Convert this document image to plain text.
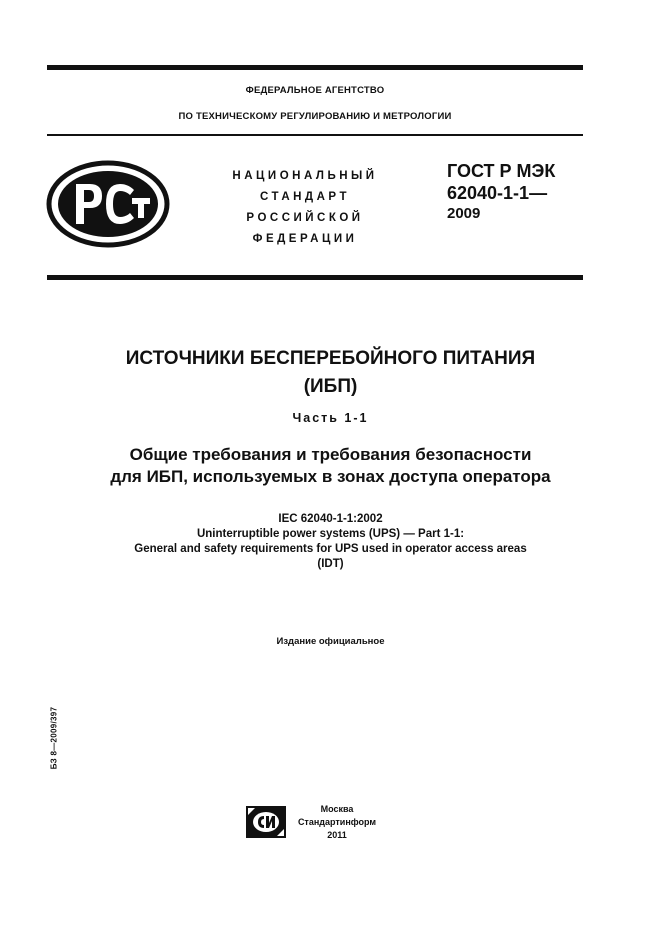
ФЕДЕРАЛЬНОЕ АГЕНТСТВО
ПО ТЕХНИЧЕСКОМУ РЕГУЛИРОВАНИЮ И МЕТРОЛОГИИ
НАЦИОНАЛЬНЫЙ
СТАНДАРТ
РОССИЙСКОЙ
ФЕДЕРАЦИИ
ГОСТ Р МЭК
62040-1-1—
2009
ИСТОЧНИКИ БЕСПЕРЕБОЙНОГО ПИТАНИЯ
(ИБП)
Часть 1-1
Общие требования и требования безопасности
для ИБП, используемых в зонах доступа оператора
IEC 62040-1-1:2002
Uninterruptible power systems (UPS) — Part 1-1:
General and safety requirements for UPS used in operator access areas
(IDT)
Издание официальное
БЗ 8—2009/397
Москва
Стандартинформ
2011
